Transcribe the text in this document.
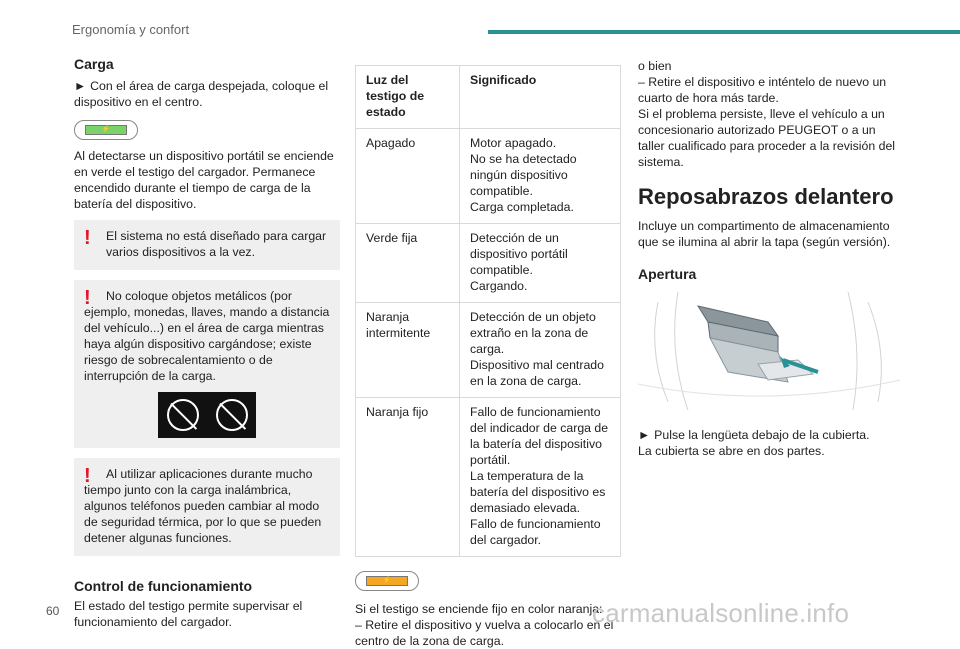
Ergonomía y confort
Carga

► Con el área de carga despejada, coloque el dispositivo en el centro.

⚡

Al detectarse un dispositivo portátil se enciende en verde el testigo del cargador. Permanece encendido durante el tiempo de carga de la batería del dispositivo.

!	El sistema no está diseñado para cargar varios dispositivos a la vez.

!	No coloque objetos metálicos (por ejemplo, monedas, llaves, mando a distancia del vehículo...) en el área de carga mientras haya algún dispositivo cargándose; existe riesgo de sobrecalentamiento o de interrupción de la carga.

!	Al utilizar aplicaciones durante mucho tiempo junto con la carga inalámbrica, algunos teléfonos pueden cambiar al modo de seguridad térmica, por lo que se pueden detener algunas funciones.

Control de funcionamiento

El estado del testigo permite supervisar el funcionamiento del cargador.

Luz del testigo de estado	Significado
Apagado	Motor apagado.
No se ha detectado ningún dispositivo compatible.
Carga completada.

Verde fija	Detección de un dispositivo portátil compatible.
Cargando.

Naranja intermitente	Detección de un objeto extraño en la zona de carga.
Dispositivo mal centrado en la zona de carga.

Naranja fijo	Fallo de funcionamiento del indicador de carga de la batería del dispositivo portátil.
La temperatura de la batería del dispositivo es demasiado elevada.
Fallo de funcionamiento del cargador.
⚡

Si el testigo se enciende fijo en color naranja:
– Retire el dispositivo y vuelva a colocarlo en el centro de la zona de carga.

o bien

– Retire el dispositivo e inténtelo de nuevo un cuarto de hora más tarde.

Si el problema persiste, lleve el vehículo a un concesionario autorizado PEUGEOT o a un taller cualificado para proceder a la revisión del sistema.

Reposabrazos delantero

Incluye un compartimento de almacenamiento que se ilumina al abrir la tapa (según versión).

Apertura

► Pulse la lengüeta debajo de la cubierta.

La cubierta se abre en dos partes.

60	carmanualsonline.info
